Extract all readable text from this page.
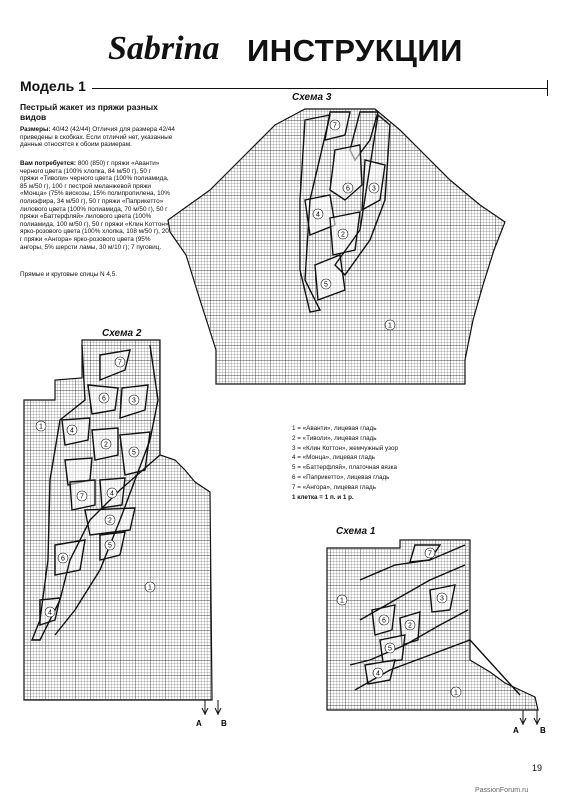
Sabrina ИНСТРУКЦИИ
Модель 1
Пестрый жакет из пряжи разных видов
Размеры: 40/42 (42/44) Отличия для размера 42/44 приведены в скобках. Если отличий нет, указанные данные относятся к обоим размерам.
Вам потребуется: 800 (850) г пряжи «Аванти» черного цвета (100% хлопка, 84 м/50 г), 50 г пряжи «Тиволи» черного цвета (100% полиамида, 85 м/50 г), 100 г пестрой меланжевой пряжи «Монца» (75% вискозы, 15% полипропилена, 10% полиэфира, 34 м/50 г), 50 г пряжи «Паприкетто» лилового цвета (100% полиамида, 70 м/50 г), 50 г пряжи «Баттерфляй» лилового цвета (100% полиамида, 100 м/50 г), 50 г пряжи «Клин Коттон» ярко-розового цвета (100% хлопка, 108 м/50 г), 20 г пряжи «Ангора» ярко-розового цвета (95% ангоры, 5% шерсти ламы, 30 м/10 г); 7 пуговиц.
Прямые и круговые спицы N 4,5.
Схема 3
Схема 2
Схема 1
7
6	3
4
2
5
1
7
6	3
1
4
2
5
7	4
2
5
6
4
1
A B
7
1
6
3
2
5
4
1
A	B
1 = «Аванти», лицевая гладь
2 = «Тиволи», лицевая гладь
3 = «Клин Коттон», жемчужный узор
4 = «Монца», лицевая гладь
5 = «Баттерфляй», платочная вязка
6 = «Паприкетто», лицевая гладь
7 = «Ангора», лицевая гладь
1 клетка = 1 п. и 1 р.
19
PassionForum.ru
